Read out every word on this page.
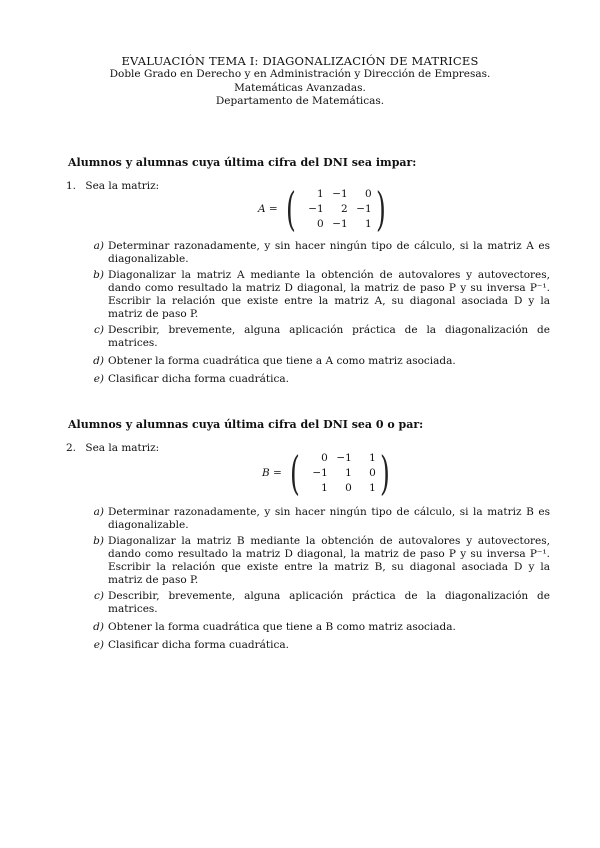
EVALUACIÓN TEMA I: DIAGONALIZACIÓN DE MATRICES
Doble Grado en Derecho y en Administración y Dirección de Empresas.
Matemáticas Avanzadas.
Departamento de Matemáticas.
Alumnos y alumnas cuya última cifra del DNI sea impar:
1. Sea la matriz:
A = (	1 −1	0
−1	2 −1
0 −1	1 )
a) Determinar razonadamente, y sin hacer ningún tipo de cálculo, si la matriz A es diagonalizable.
b) Diagonalizar la matriz A mediante la obtención de autovalores y autovectores, dando como resultado la matriz D diagonal, la matriz de paso P y su inversa P⁻¹. Escribir la relación que existe entre la matriz A, su diagonal asociada D y la matriz de paso P.
c) Describir, brevemente, alguna aplicación práctica de la diagonalización de matrices.
d) Obtener la forma cuadrática que tiene a A como matriz asociada.
e) Clasificar dicha forma cuadrática.
Alumnos y alumnas cuya última cifra del DNI sea 0 o par:
2. Sea la matriz:
B = (	0 −1	1
−1	1	0
1	0	1 )
a) Determinar razonadamente, y sin hacer ningún tipo de cálculo, si la matriz B es diagonalizable.
b) Diagonalizar la matriz B mediante la obtención de autovalores y autovectores, dando como resultado la matriz D diagonal, la matriz de paso P y su inversa P⁻¹. Escribir la relación que existe entre la matriz B, su diagonal asociada D y la matriz de paso P.
c) Describir, brevemente, alguna aplicación práctica de la diagonalización de matrices.
d) Obtener la forma cuadrática que tiene a B como matriz asociada.
e) Clasificar dicha forma cuadrática.
